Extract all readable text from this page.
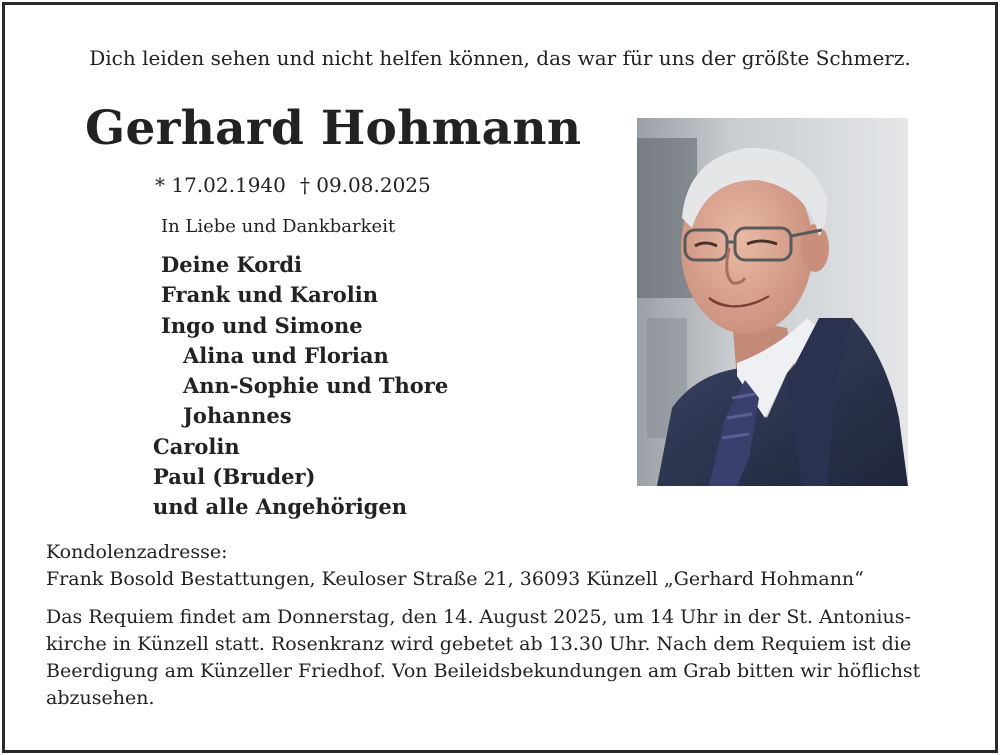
Dich leiden sehen und nicht helfen können, das war für uns der größte Schmerz.
Gerhard Hohmann
* 17.02.1940 † 09.08.2025
In Liebe und Dankbarkeit
Deine Kordi
Frank und Karolin
Ingo und Simone
Alina und Florian
Ann-Sophie und Thore
Johannes
Carolin
Paul (Bruder)
und alle Angehörigen
Kondolenzadresse:
Frank Bosold Bestattungen, Keuloser Straße 21, 36093 Künzell „Gerhard Hohmann“
Das Requiem findet am Donnerstag, den 14. August 2025, um 14 Uhr in der St. Antonius-
kirche in Künzell statt. Rosenkranz wird gebetet ab 13.30 Uhr. Nach dem Requiem ist die
Beerdigung am Künzeller Friedhof. Von Beileidsbekundungen am Grab bitten wir höflichst
abzusehen.
